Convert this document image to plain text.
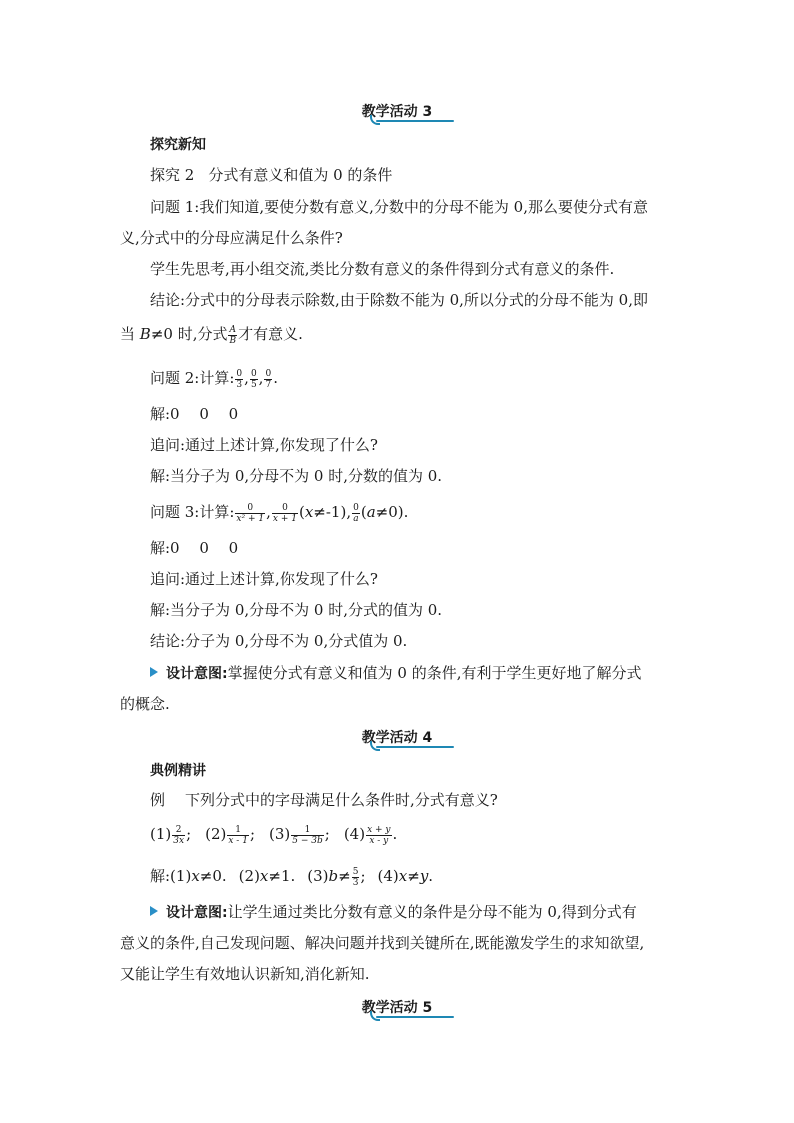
教学活动 3
探究新知
探究 2 分式有意义和值为 0 的条件
问题 1:我们知道,要使分数有意义,分数中的分母不能为 0,那么要使分式有意
义,分式中的分母应满足什么条件?
学生先思考,再小组交流,类比分数有意义的条件得到分式有意义的条件.
结论:分式中的分母表示除数,由于除数不能为 0,所以分式的分母不能为 0,即
当 B≠0 时,分式 $\frac{A}{B}$ 才有意义.
问题 2:计算: $\frac{0}{3}$ , $\frac{0}{5}$ , $\frac{0}{7}$ .
解:0　 0　 0
追问:通过上述计算,你发现了什么?
解:当分子为 0,分母不为 0 时,分数的值为 0.
问题 3:计算: $\frac{0}{\text{x² + 1}}$ , $\frac{0}{x + 1} (x\ne-1)$, $\frac{0}{a} (a\ne 0)$.
解:0　 0　 0
追问:通过上述计算,你发现了什么?
解:当分子为 0,分母不为 0 时,分式的值为 0.
结论:分子为 0,分母不为 0,分式值为 0.
设计意图:掌握使分式有意义和值为 0 的条件,有利于学生更好地了解分式
的概念.
教学活动 4
典例精讲
例 下列分式中的字母满足什么条件时,分式有意义?
$(1) \frac{2}{3x}$ ; $(2) \frac{1}{x - 1}$ ; $(3) \frac{1}{5 - 3b}$ ; $(4) \frac{x + y}{x - y}$ .
解:(1)x≠0. (2)x≠1. $(3)b\ne \frac{5}{3}$ ; (4)x≠y.
设计意图:让学生通过类比分数有意义的条件是分母不能为 0,得到分式有
意义的条件,自己发现问题、解决问题并找到关键所在,既能激发学生的求知欲望,
又能让学生有效地认识新知,消化新知.
教学活动 5
